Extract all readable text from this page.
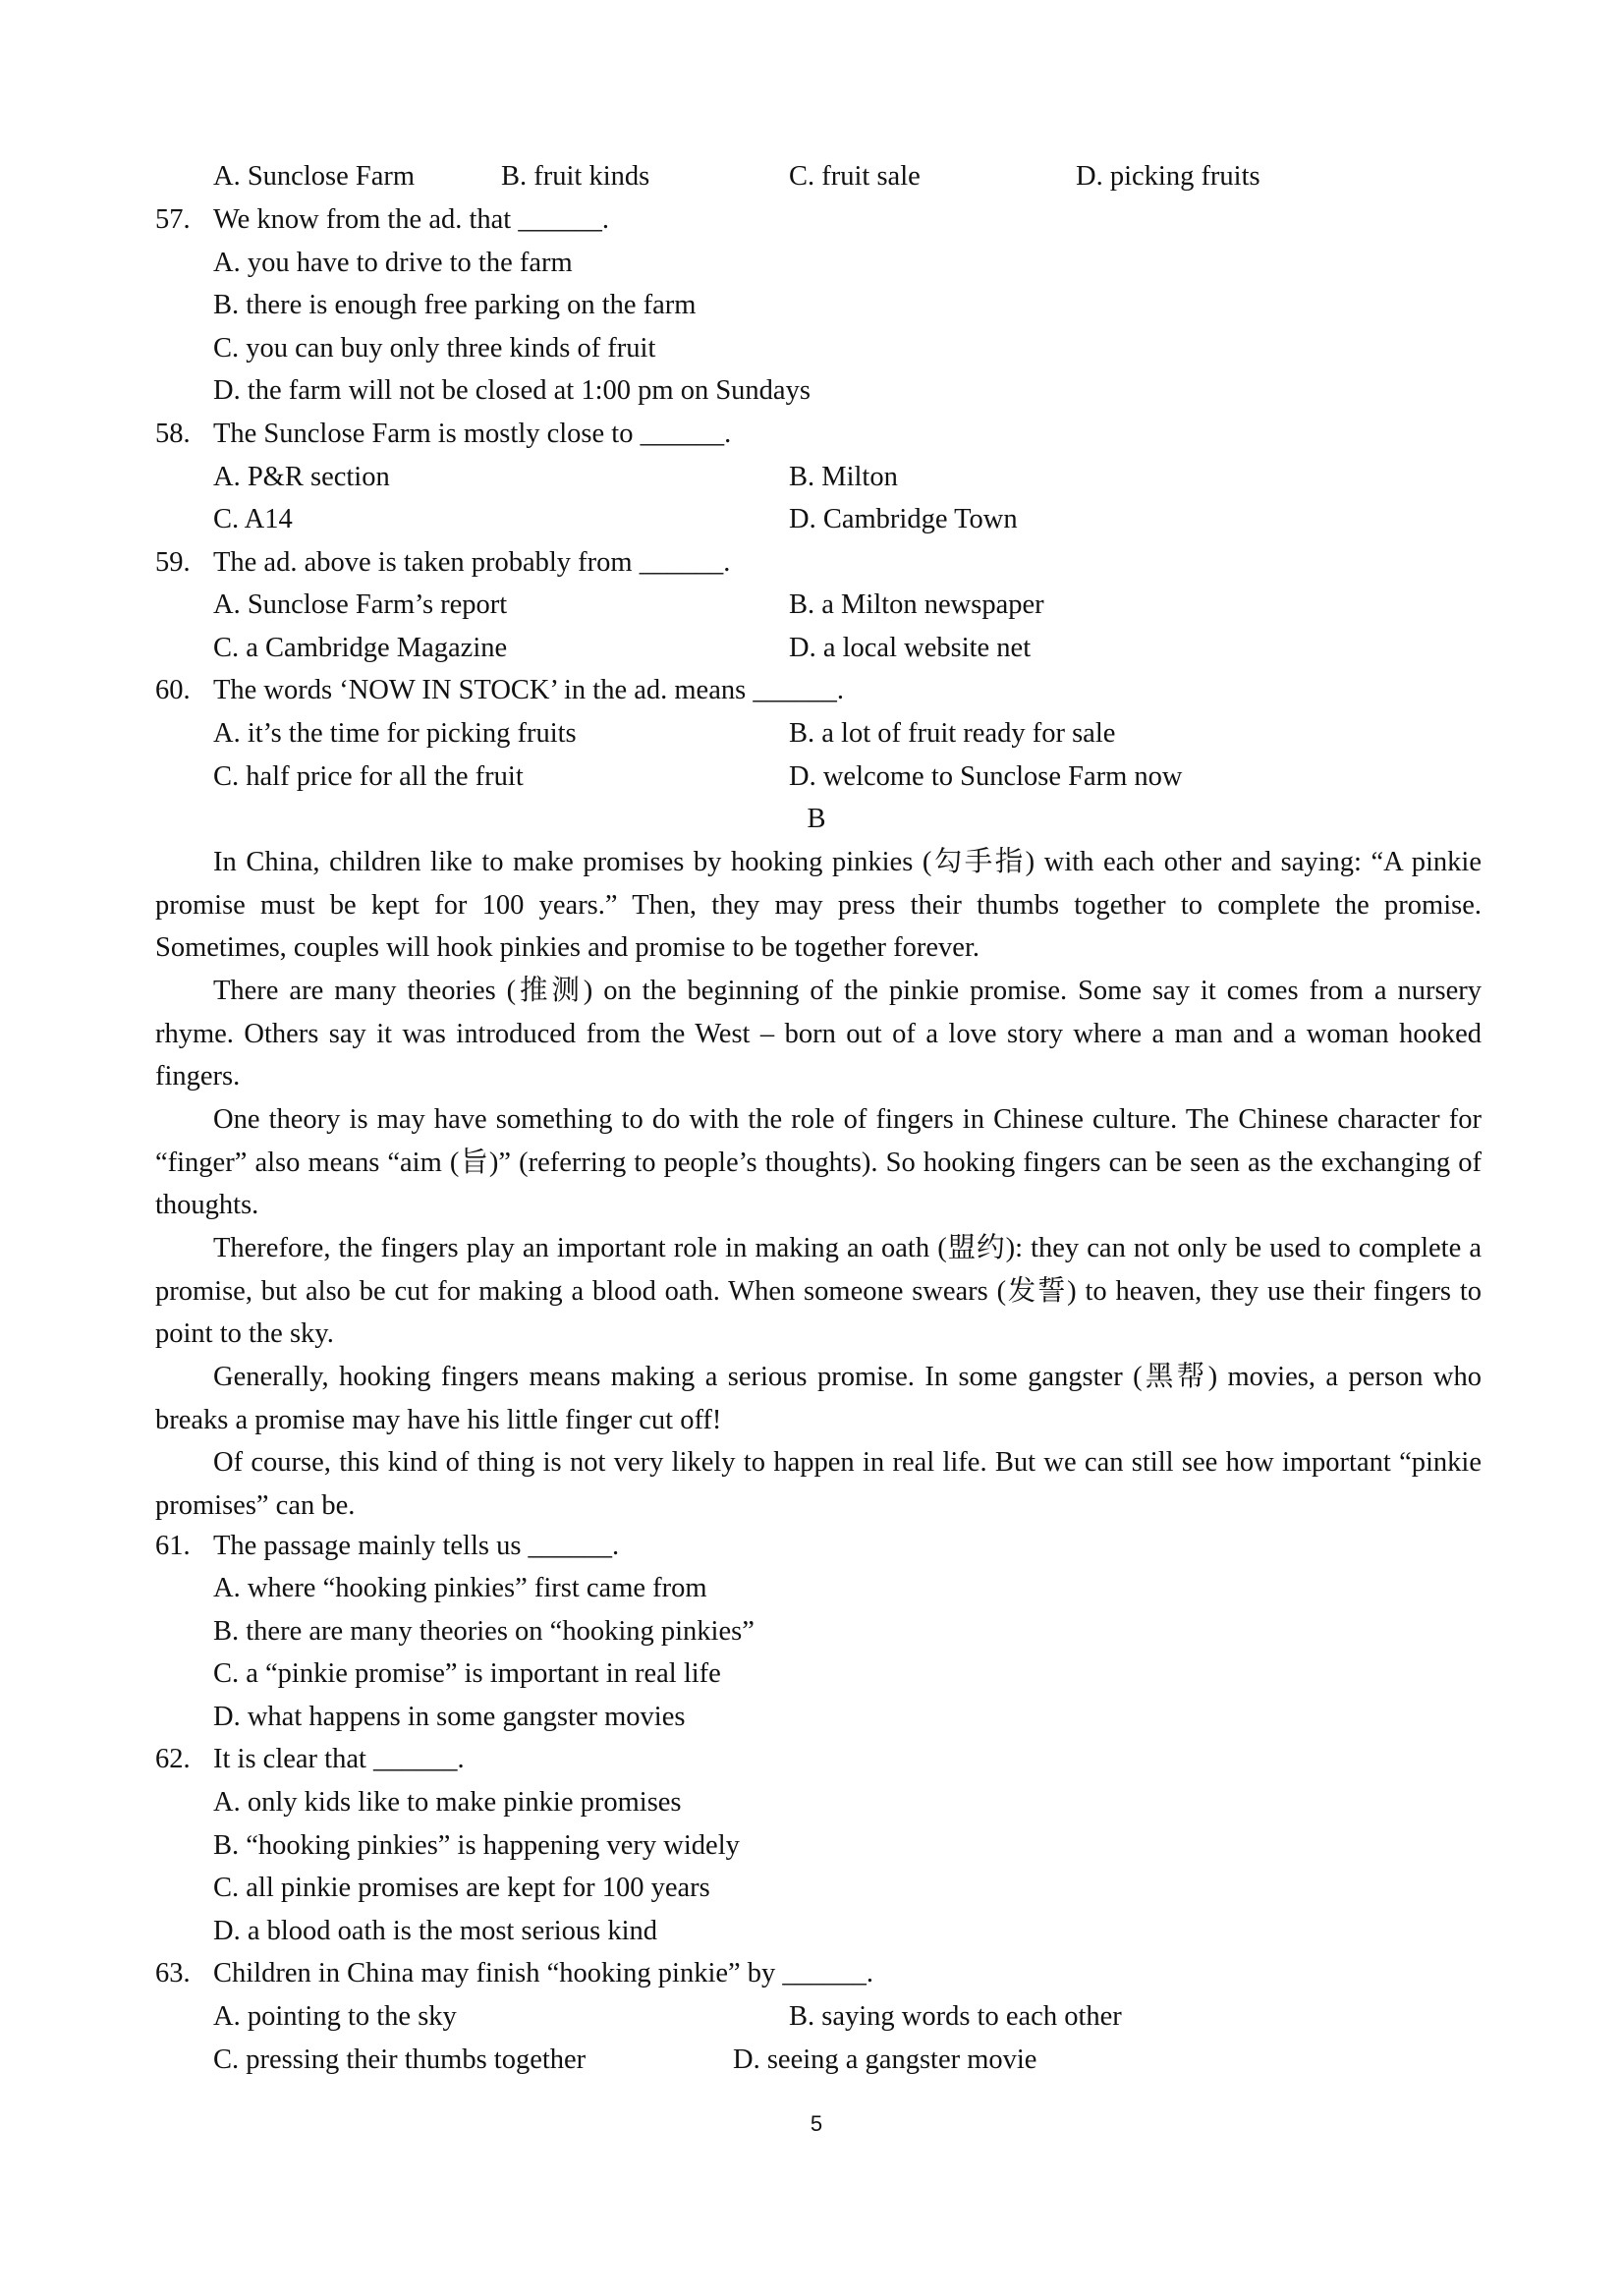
A. Sunclose Farm	B. fruit kinds	C. fruit sale	D. picking fruits
57. We know from the ad. that ______.
A. you have to drive to the farm
B. there is enough free parking on the farm
C. you can buy only three kinds of fruit
D. the farm will not be closed at 1:00 pm on Sundays
58. The Sunclose Farm is mostly close to ______.
A. P&R section	B. Milton
C. A14	D. Cambridge Town
59. The ad. above is taken probably from ______.
A. Sunclose Farm’s report	B. a Milton newspaper
C. a Cambridge Magazine	D. a local website net
60. The words ‘NOW IN STOCK’ in the ad. means ______.
A. it’s the time for picking fruits	B. a lot of fruit ready for sale
C. half price for all the fruit	D. welcome to Sunclose Farm now
B

In China, children like to make promises by hooking pinkies (勾手指) with each other and saying: “A pinkie promise must be kept for 100 years.” Then, they may press their thumbs together to complete the promise. Sometimes, couples will hook pinkies and promise to be together forever.

There are many theories (推测) on the beginning of the pinkie promise. Some say it comes from a nursery rhyme. Others say it was introduced from the West – born out of a love story where a man and a woman hooked fingers.

One theory is may have something to do with the role of fingers in Chinese culture. The Chinese character for “finger” also means “aim (旨)” (referring to people’s thoughts). So hooking fingers can be seen as the exchanging of thoughts.

Therefore, the fingers play an important role in making an oath (盟约): they can not only be used to complete a promise, but also be cut for making a blood oath. When someone swears (发誓) to heaven, they use their fingers to point to the sky.

Generally, hooking fingers means making a serious promise. In some gangster (黑帮) movies, a person who breaks a promise may have his little finger cut off!

Of course, this kind of thing is not very likely to happen in real life. But we can still see how important “pinkie promises” can be.

61. The passage mainly tells us ______.
A. where “hooking pinkies” first came from
B. there are many theories on “hooking pinkies”
C. a “pinkie promise” is important in real life
D. what happens in some gangster movies
62. It is clear that ______.
A. only kids like to make pinkie promises
B. “hooking pinkies” is happening very widely
C. all pinkie promises are kept for 100 years
D. a blood oath is the most serious kind
63. Children in China may finish “hooking pinkie” by ______.
A. pointing to the sky	B. saying words to each other
C. pressing their thumbs together	D. seeing a gangster movie
5
